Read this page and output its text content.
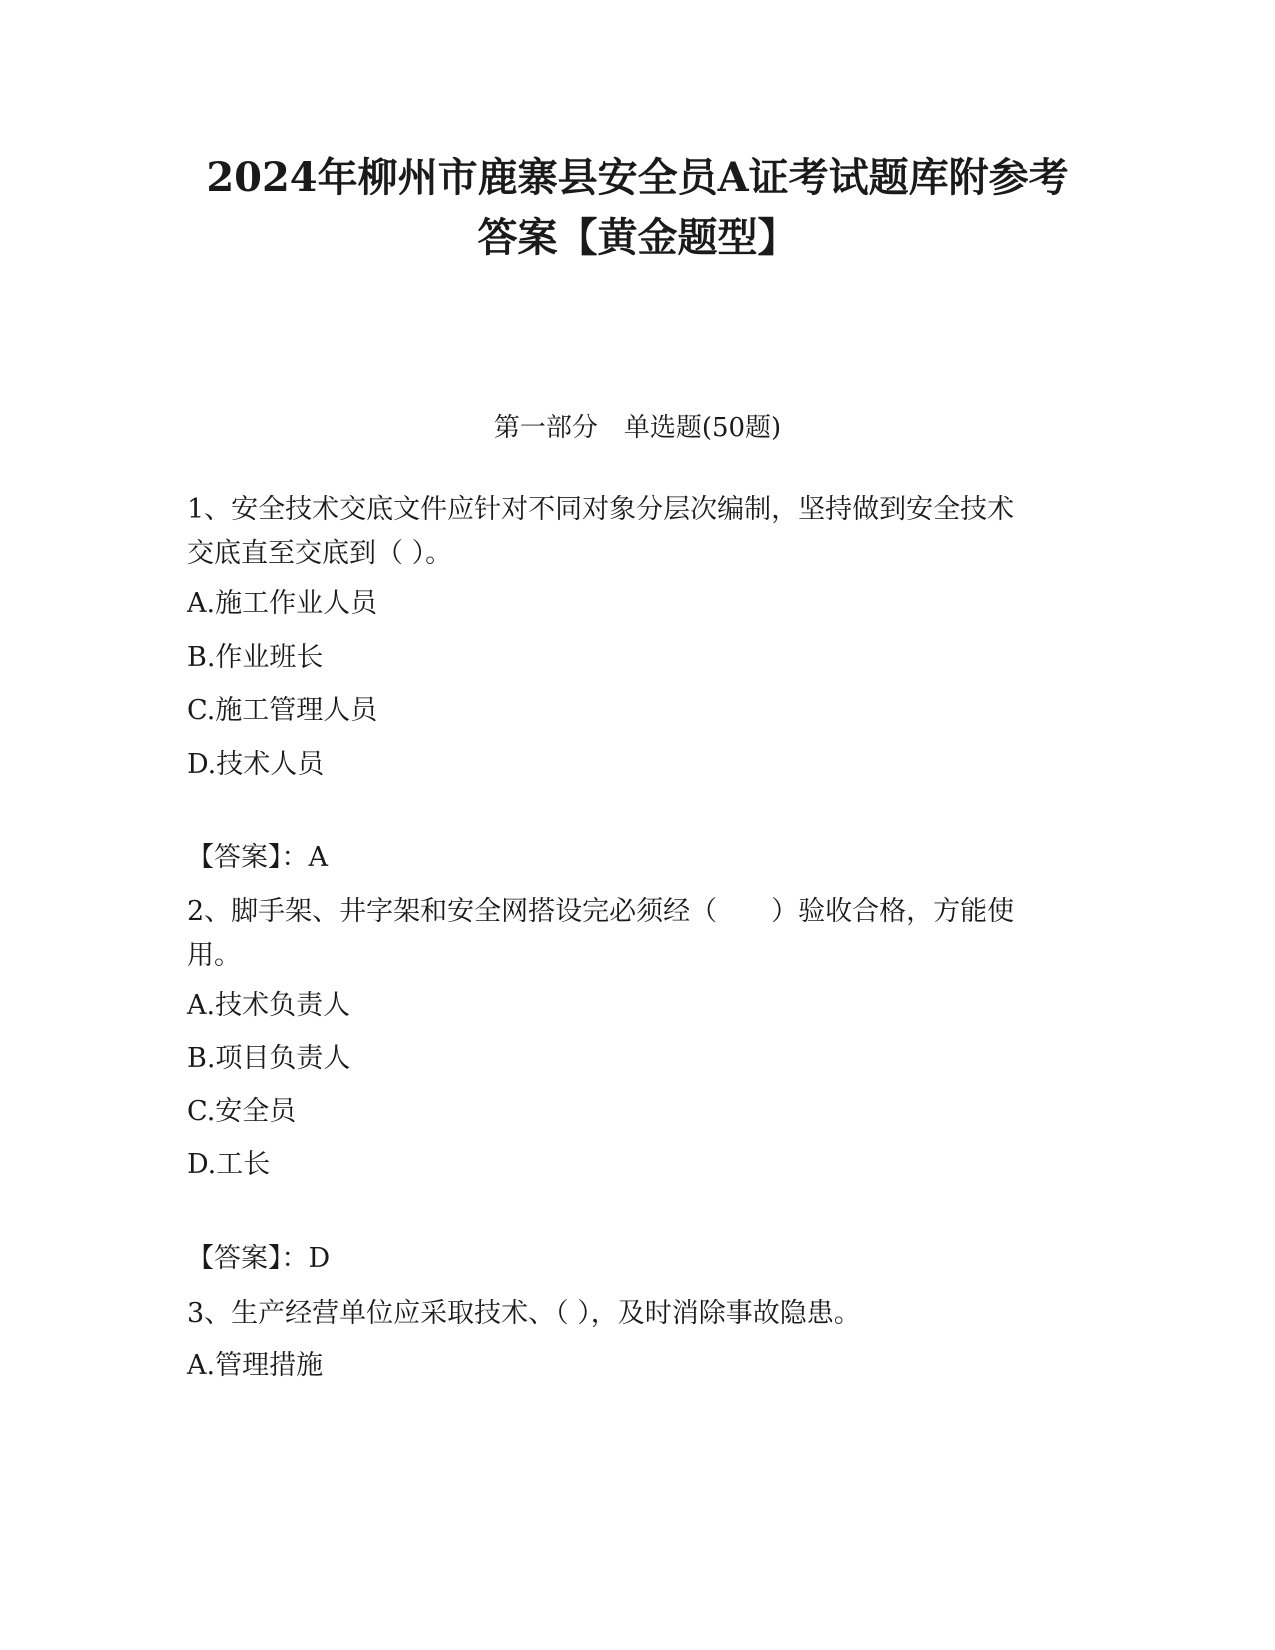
2024年柳州市鹿寨县安全员A证考试题库附参考
答案【黄金题型】
第一部分　单选题(50题)
1、安全技术交底文件应针对不同对象分层次编制，坚持做到安全技术
交底直至交底到（ ）。
A.施工作业人员
B.作业班长
C.施工管理人员
D.技术人员
【答案】：A
2、脚手架、井字架和安全网搭设完必须经（　　）验收合格，方能使
用。
A.技术负责人
B.项目负责人
C.安全员
D.工长
【答案】：D
3、生产经营单位应采取技术、（ ），及时消除事故隐患。
A.管理措施
